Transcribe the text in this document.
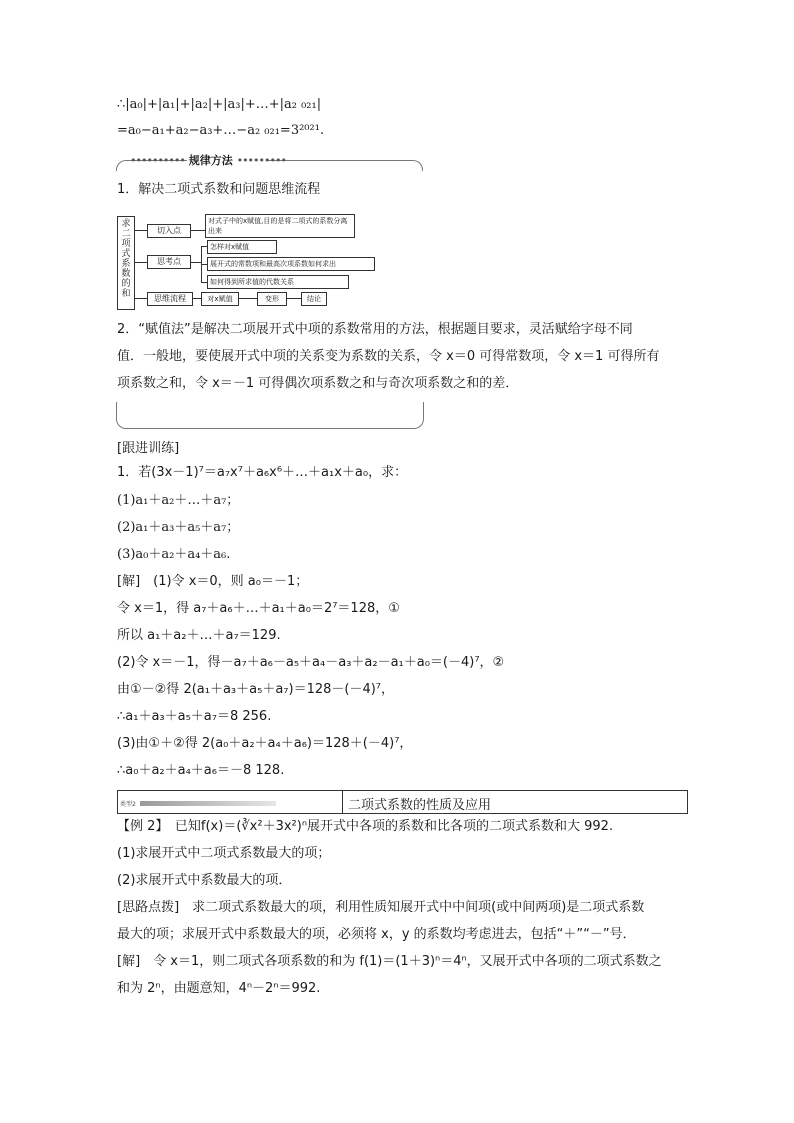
∴|a₀|+|a₁|+|a₂|+|a₃|+…+|a₂ ₀₂₁|
=a₀−a₁+a₂−a₃+…−a₂ ₀₂₁=3²⁰²¹.
•••••••••• 规律方法 •••••••••
1．解决二项式系数和问题思维流程
求二项式系数的和
切入点
对式子中的x赋值,目的是将二项式的系数分离出来
思考点
怎样对x赋值
展开式的常数项和最高次项系数如何求出
如何得到所求值的代数关系
思维流程	对x赋值	变形	结论
2．“赋值法”是解决二项展开式中项的系数常用的方法，根据题目要求，灵活赋给字母不同
值．一般地，要使展开式中项的关系变为系数的关系，令 x＝0 可得常数项，令 x＝1 可得所有
项系数之和，令 x＝－1 可得偶次项系数之和与奇次项系数之和的差．
[跟进训练]
1．若(3x－1)⁷＝a₇x⁷＋a₆x⁶＋…＋a₁x＋a₀，求：
(1)a₁＋a₂＋…＋a₇；
(2)a₁＋a₃＋a₅＋a₇；
(3)a₀＋a₂＋a₄＋a₆.
[解]　(1)令 x＝0，则 a₀＝－1；
令 x＝1，得 a₇＋a₆＋…＋a₁＋a₀＝2⁷＝128，①
所以 a₁＋a₂＋…＋a₇＝129.
(2)令 x＝－1，得－a₇＋a₆－a₅＋a₄－a₃＋a₂－a₁＋a₀＝(－4)⁷，②
由①－②得 2(a₁＋a₃＋a₅＋a₇)＝128－(－4)⁷，
∴a₁＋a₃＋a₅＋a₇＝8 256.
(3)由①＋②得 2(a₀＋a₂＋a₄＋a₆)＝128＋(－4)⁷，
∴a₀＋a₂＋a₄＋a₆＝－8 128.
类型2	二项式系数的性质及应用
【例 2】　已知f(x)＝(∛x²＋3x²)ⁿ展开式中各项的系数和比各项的二项式系数和大 992.
(1)求展开式中二项式系数最大的项；
(2)求展开式中系数最大的项．
[思路点拨]　求二项式系数最大的项，利用性质知展开式中中间项(或中间两项)是二项式系数
最大的项；求展开式中系数最大的项，必须将 x，y 的系数均考虑进去，包括“＋”“－”号．
[解]　令 x＝1，则二项式各项系数的和为 f(1)＝(1＋3)ⁿ＝4ⁿ，又展开式中各项的二项式系数之
和为 2ⁿ，由题意知，4ⁿ－2ⁿ＝992.
